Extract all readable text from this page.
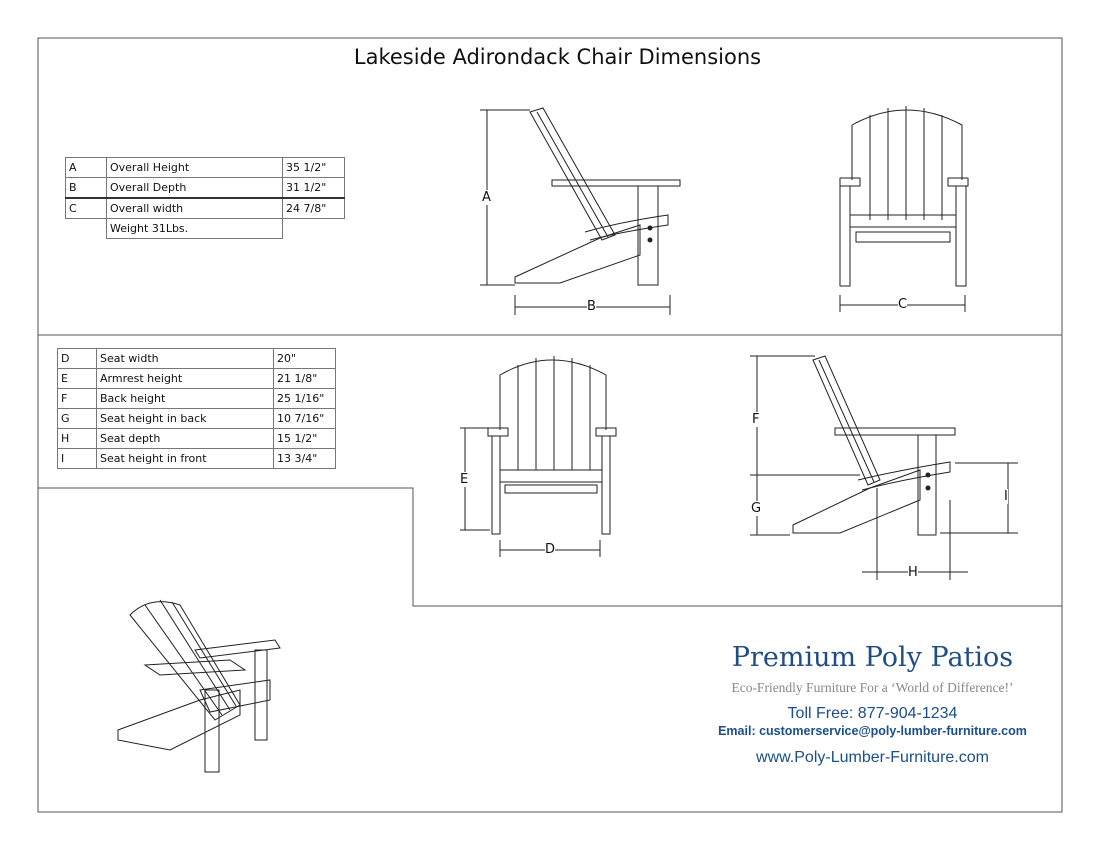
Lakeside Adirondack Chair Dimensions
A	Overall Height	35 1/2"
B	Overall Depth	31 1/2"
C	Overall width	24 7/8"
	Weight 31Lbs.	
D	Seat width	20"
E	Armrest height	21 1/8"
F	Back height	25 1/16"
G	Seat height in back	10 7/16"
H	Seat depth	15 1/2"
I	Seat height in front	13 3/4"
A
B	C
D
E
F
G
H
I
Premium Poly Patios
Eco-Friendly Furniture For a ‘World of Difference!’
Toll Free: 877-904-1234
Email: customerservice@poly-lumber-furniture.com
www.Poly-Lumber-Furniture.com
